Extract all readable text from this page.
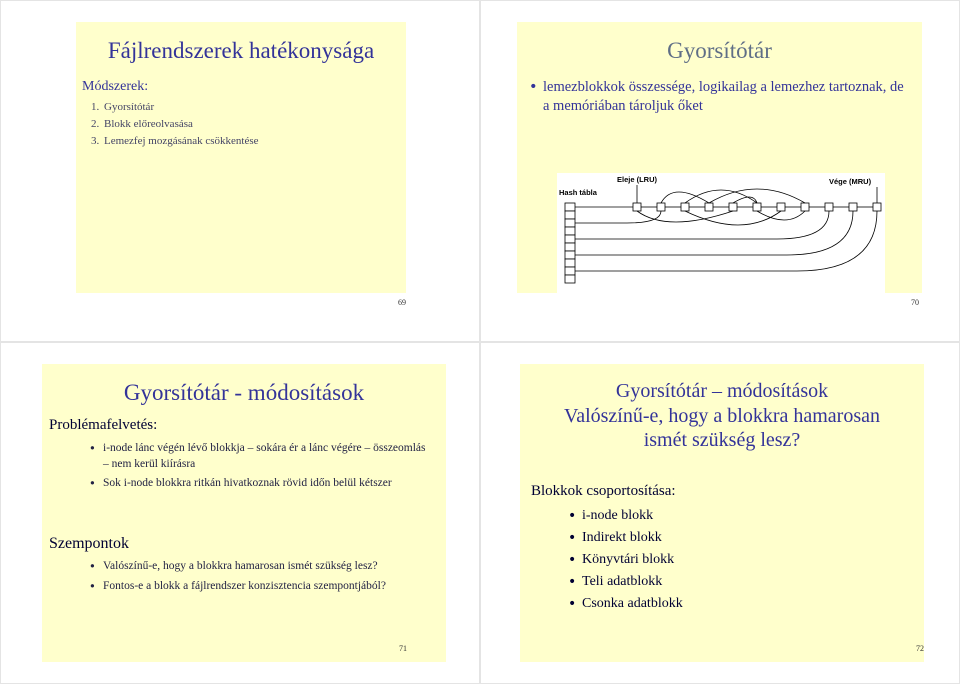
Fájlrendszerek hatékonysága
Módszerek:
1. Gyorsítótár
2. Blokk előreolvasása
3. Lemezfej mozgásának csökkentése
69
Gyorsítótár
• lemezblokkok összessége, logikailag a lemezhez tartoznak, de a memóriában tároljuk őket
Hash tábla
Eleje (LRU)	Vége (MRU)
70
Gyorsítótár - módosítások
Problémafelvetés:
• i-node lánc végén lévő blokkja – sokára ér a lánc végére – összeomlás – nem kerül kiírásra
• Sok i-node blokkra ritkán hivatkoznak rövid időn belül kétszer
Szempontok
• Valószínű-e, hogy a blokkra hamarosan ismét szükség lesz?
• Fontos-e a blokk a fájlrendszer konzisztencia szempontjából?
71
Gyorsítótár – módosítások
Valószínű-e, hogy a blokkra hamarosan ismét szükség lesz?
Blokkok csoportosítása:
• i-node blokk
• Indirekt blokk
• Könyvtári blokk
• Teli adatblokk
• Csonka adatblokk
72
